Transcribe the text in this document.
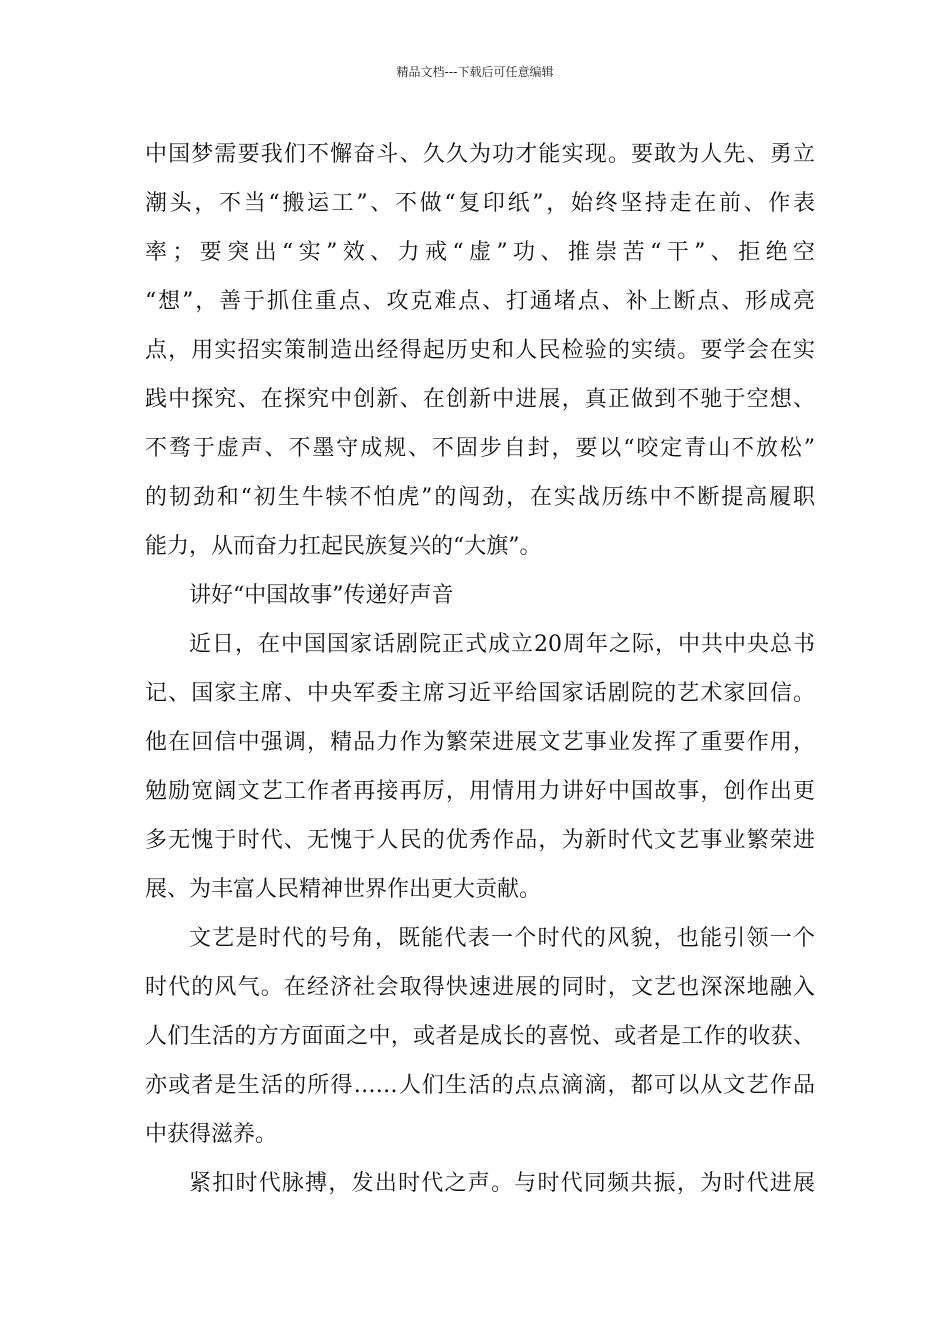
精品文档---下载后可任意编辑
中国梦需要我们不懈奋斗、久久为功才能实现。要敢为人先、勇立
潮头，不当“搬运工”、不做“复印纸”，始终坚持走在前、作表
率；要突出“实”效、力戒“虚”功、推崇苦“干”、拒绝空
“想”，善于抓住重点、攻克难点、打通堵点、补上断点、形成亮
点，用实招实策制造出经得起历史和人民检验的实绩。要学会在实
践中探究、在探究中创新、在创新中进展，真正做到不驰于空想、
不骛于虚声、不墨守成规、不固步自封，要以“咬定青山不放松”
的韧劲和“初生牛犊不怕虎”的闯劲，在实战历练中不断提高履职
能力，从而奋力扛起民族复兴的“大旗”。
讲好“中国故事”传递好声音
近日，在中国国家话剧院正式成立20周年之际，中共中央总书
记、国家主席、中央军委主席习近平给国家话剧院的艺术家回信。
他在回信中强调，精品力作为繁荣进展文艺事业发挥了重要作用，
勉励宽阔文艺工作者再接再厉，用情用力讲好中国故事，创作出更
多无愧于时代、无愧于人民的优秀作品，为新时代文艺事业繁荣进
展、为丰富人民精神世界作出更大贡献。
文艺是时代的号角，既能代表一个时代的风貌，也能引领一个
时代的风气。在经济社会取得快速进展的同时，文艺也深深地融入
人们生活的方方面面之中，或者是成长的喜悦、或者是工作的收获、
亦或者是生活的所得……人们生活的点点滴滴，都可以从文艺作品
中获得滋养。
紧扣时代脉搏，发出时代之声。与时代同频共振，为时代进展
